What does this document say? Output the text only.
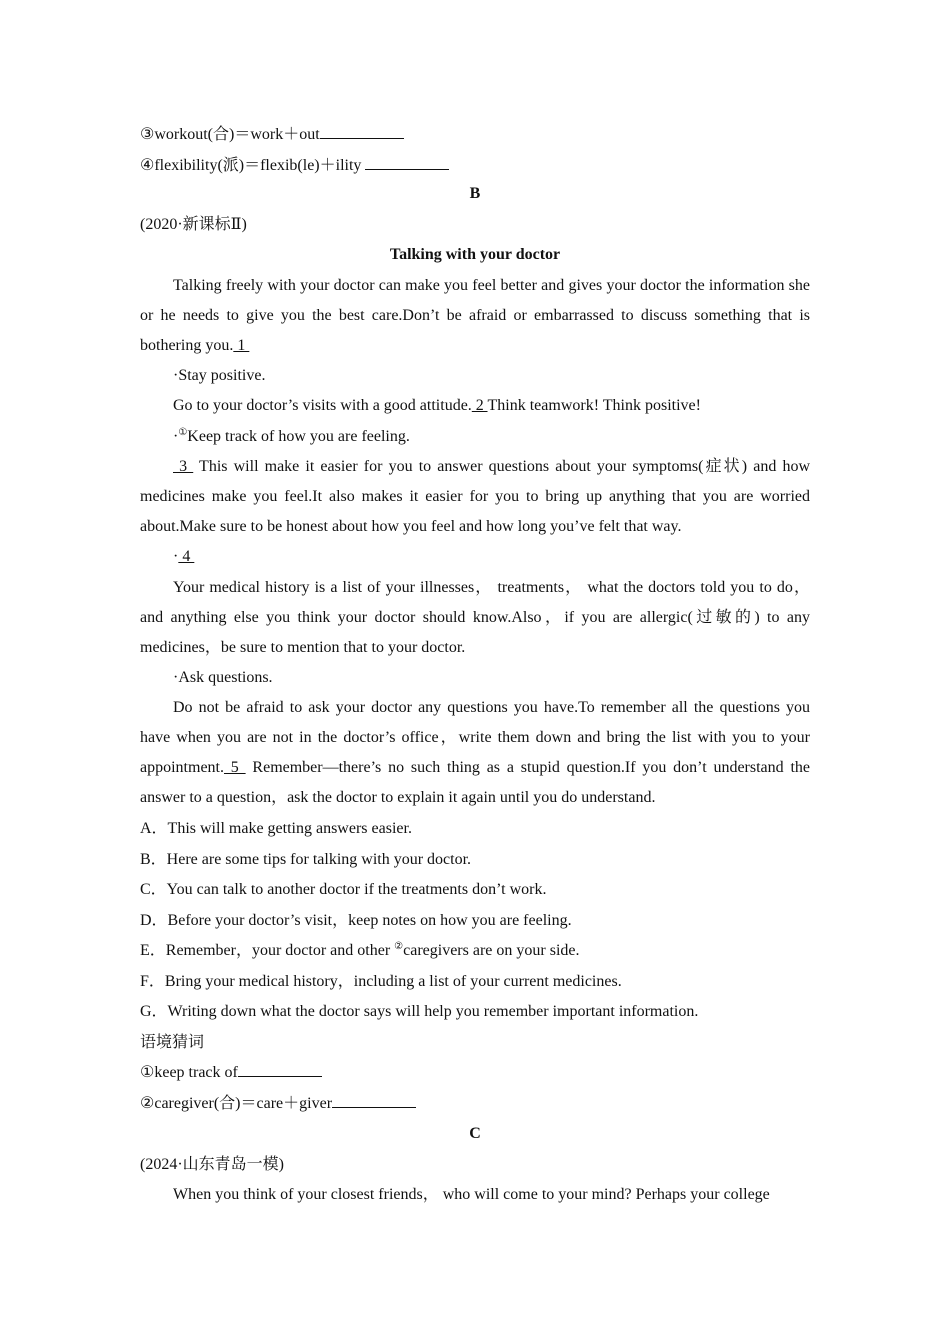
③workout(合)＝work＋out

④flexibility(派)＝flexib(le)＋ility

B

(2020·新课标Ⅱ)

Talking with your doctor

Talking freely with your doctor can make you feel better and gives your doctor the information she or he needs to give you the best care.Don’t be afraid or embarrassed to discuss something that is bothering you. 1

·Stay positive.

Go to your doctor’s visits with a good attitude. 2 Think teamwork! Think positive!

·①Keep track of how you are feeling.

3  This will make it easier for you to answer questions about your symptoms(症状) and how medicines make you feel.It also makes it easier for you to bring up anything that you are worried about.Make sure to be honest about how you feel and how long you’ve felt that way.

· 4

Your medical history is a list of your illnesses， treatments， what the doctors told you to do，and anything else you think your doctor should know.Also，if you are allergic(过敏的) to any medicines，be sure to mention that to your doctor.

·Ask questions.

Do not be afraid to ask your doctor any questions you have.To remember all the questions you have when you are not in the doctor’s office，write them down and bring the list with you to your appointment. 5  Remember—there’s no such thing as a stupid question.If you don’t understand the answer to a question，ask the doctor to explain it again until you do understand.

A．This will make getting answers easier.

B．Here are some tips for talking with your doctor.

C．You can talk to another doctor if the treatments don’t work.

D．Before your doctor’s visit，keep notes on how you are feeling.

E．Remember，your doctor and other ②caregivers are on your side.

F．Bring your medical history，including a list of your current medicines.

G．Writing down what the doctor says will help you remember important information.

语境猜词

①keep track of

②caregiver(合)＝care＋giver

C

(2024·山东青岛一模)

When you think of your closest friends， who will come to your mind? Perhaps your college
